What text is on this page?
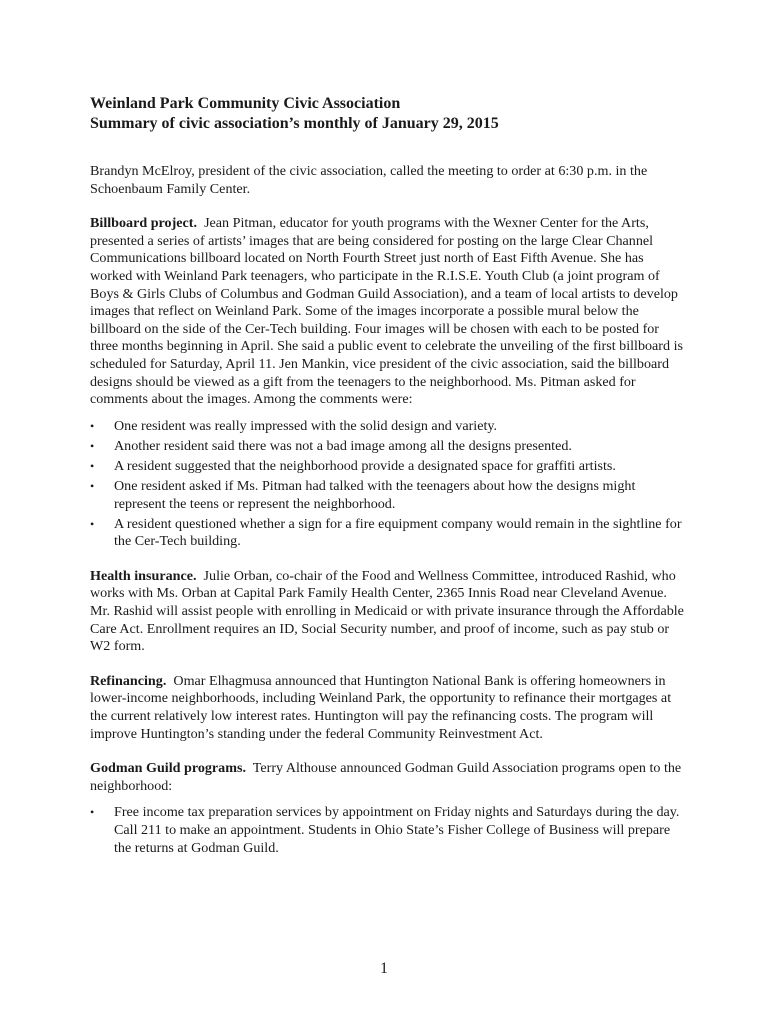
Weinland Park Community Civic Association
Summary of civic association’s monthly of January 29, 2015

Brandyn McElroy, president of the civic association, called the meeting to order at 6:30 p.m. in the Schoenbaum Family Center.

Billboard project. Jean Pitman, educator for youth programs with the Wexner Center for the Arts, presented a series of artists’ images that are being considered for posting on the large Clear Channel Communications billboard located on North Fourth Street just north of East Fifth Avenue. She has worked with Weinland Park teenagers, who participate in the R.I.S.E. Youth Club (a joint program of Boys & Girls Clubs of Columbus and Godman Guild Association), and a team of local artists to develop images that reflect on Weinland Park. Some of the images incorporate a possible mural below the billboard on the side of the Cer-Tech building. Four images will be chosen with each to be posted for three months beginning in April. She said a public event to celebrate the unveiling of the first billboard is scheduled for Saturday, April 11. Jen Mankin, vice president of the civic association, said the billboard designs should be viewed as a gift from the teenagers to the neighborhood. Ms. Pitman asked for comments about the images. Among the comments were:

• One resident was really impressed with the solid design and variety.
• Another resident said there was not a bad image among all the designs presented.
• A resident suggested that the neighborhood provide a designated space for graffiti artists.
• One resident asked if Ms. Pitman had talked with the teenagers about how the designs might represent the teens or represent the neighborhood.
• A resident questioned whether a sign for a fire equipment company would remain in the sightline for the Cer-Tech building.

Health insurance. Julie Orban, co-chair of the Food and Wellness Committee, introduced Rashid, who works with Ms. Orban at Capital Park Family Health Center, 2365 Innis Road near Cleveland Avenue. Mr. Rashid will assist people with enrolling in Medicaid or with private insurance through the Affordable Care Act. Enrollment requires an ID, Social Security number, and proof of income, such as pay stub or W2 form.

Refinancing. Omar Elhagmusa announced that Huntington National Bank is offering homeowners in lower-income neighborhoods, including Weinland Park, the opportunity to refinance their mortgages at the current relatively low interest rates. Huntington will pay the refinancing costs. The program will improve Huntington’s standing under the federal Community Reinvestment Act.

Godman Guild programs. Terry Althouse announced Godman Guild Association programs open to the neighborhood:

• Free income tax preparation services by appointment on Friday nights and Saturdays during the day. Call 211 to make an appointment. Students in Ohio State’s Fisher College of Business will prepare the returns at Godman Guild.
1
